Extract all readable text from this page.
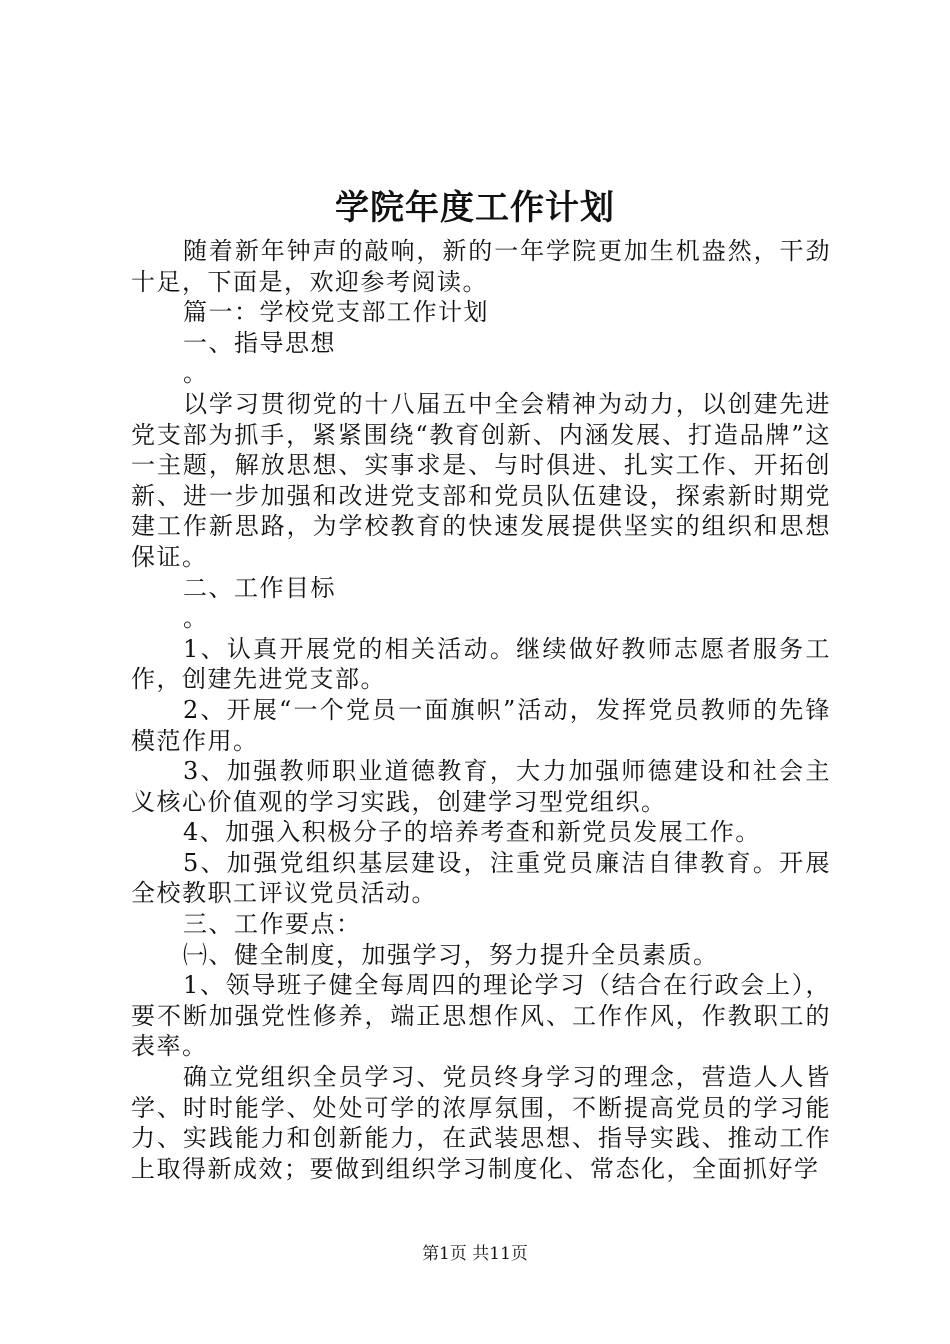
学院年度工作计划

随着新年钟声的敲响，新的一年学院更加生机盎然，干劲十足，下面是，欢迎参考阅读。

篇一：学校党支部工作计划

一、指导思想

。

以学习贯彻党的十八届五中全会精神为动力，以创建先进党支部为抓手，紧紧围绕“教育创新、内涵发展、打造品牌”这一主题，解放思想、实事求是、与时俱进、扎实工作、开拓创新、进一步加强和改进党支部和党员队伍建设，探索新时期党建工作新思路，为学校教育的快速发展提供坚实的组织和思想保证。

二、工作目标

。

1、认真开展党的相关活动。继续做好教师志愿者服务工作，创建先进党支部。

2、开展“一个党员一面旗帜”活动，发挥党员教师的先锋模范作用。

3、加强教师职业道德教育，大力加强师德建设和社会主义核心价值观的学习实践，创建学习型党组织。

4、加强入积极分子的培养考查和新党员发展工作。

5、加强党组织基层建设，注重党员廉洁自律教育。开展全校教职工评议党员活动。

三、工作要点：

㈠、健全制度，加强学习，努力提升全员素质。

1、领导班子健全每周四的理论学习（结合在行政会上），要不断加强党性修养，端正思想作风、工作作风，作教职工的表率。

确立党组织全员学习、党员终身学习的理念，营造人人皆学、时时能学、处处可学的浓厚氛围，不断提高党员的学习能力、实践能力和创新能力，在武装思想、指导实践、推动工作上取得新成效；要做到组织学习制度化、常态化，全面抓好学

第1页 共11页
